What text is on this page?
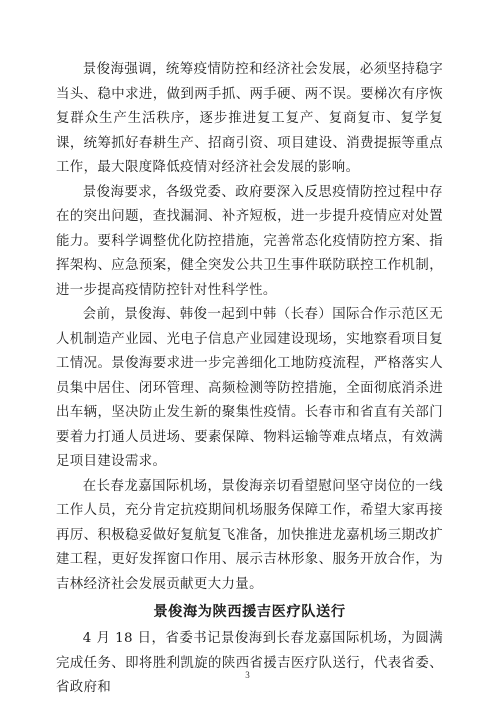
景俊海强调，统筹疫情防控和经济社会发展，必须坚持稳字当头、稳中求进，做到两手抓、两手硬、两不误。要梯次有序恢复群众生产生活秩序，逐步推进复工复产、复商复市、复学复课，统筹抓好春耕生产、招商引资、项目建设、消费提振等重点工作，最大限度降低疫情对经济社会发展的影响。

景俊海要求，各级党委、政府要深入反思疫情防控过程中存在的突出问题，查找漏洞、补齐短板，进一步提升疫情应对处置能力。要科学调整优化防控措施，完善常态化疫情防控方案、指挥架构、应急预案，健全突发公共卫生事件联防联控工作机制，进一步提高疫情防控针对性科学性。

会前，景俊海、韩俊一起到中韩（长春）国际合作示范区无人机制造产业园、光电子信息产业园建设现场，实地察看项目复工情况。景俊海要求进一步完善细化工地防疫流程，严格落实人员集中居住、闭环管理、高频检测等防控措施，全面彻底消杀进出车辆，坚决防止发生新的聚集性疫情。长春市和省直有关部门要着力打通人员进场、要素保障、物料运输等难点堵点，有效满足项目建设需求。

在长春龙嘉国际机场，景俊海亲切看望慰问坚守岗位的一线工作人员，充分肯定抗疫期间机场服务保障工作，希望大家再接再厉、积极稳妥做好复航复飞准备，加快推进龙嘉机场三期改扩建工程，更好发挥窗口作用、展示吉林形象、服务开放合作，为吉林经济社会发展贡献更大力量。

景俊海为陕西援吉医疗队送行

4 月 18 日，省委书记景俊海到长春龙嘉国际机场，为圆满完成任务、即将胜利凯旋的陕西省援吉医疗队送行，代表省委、省政府和

3
